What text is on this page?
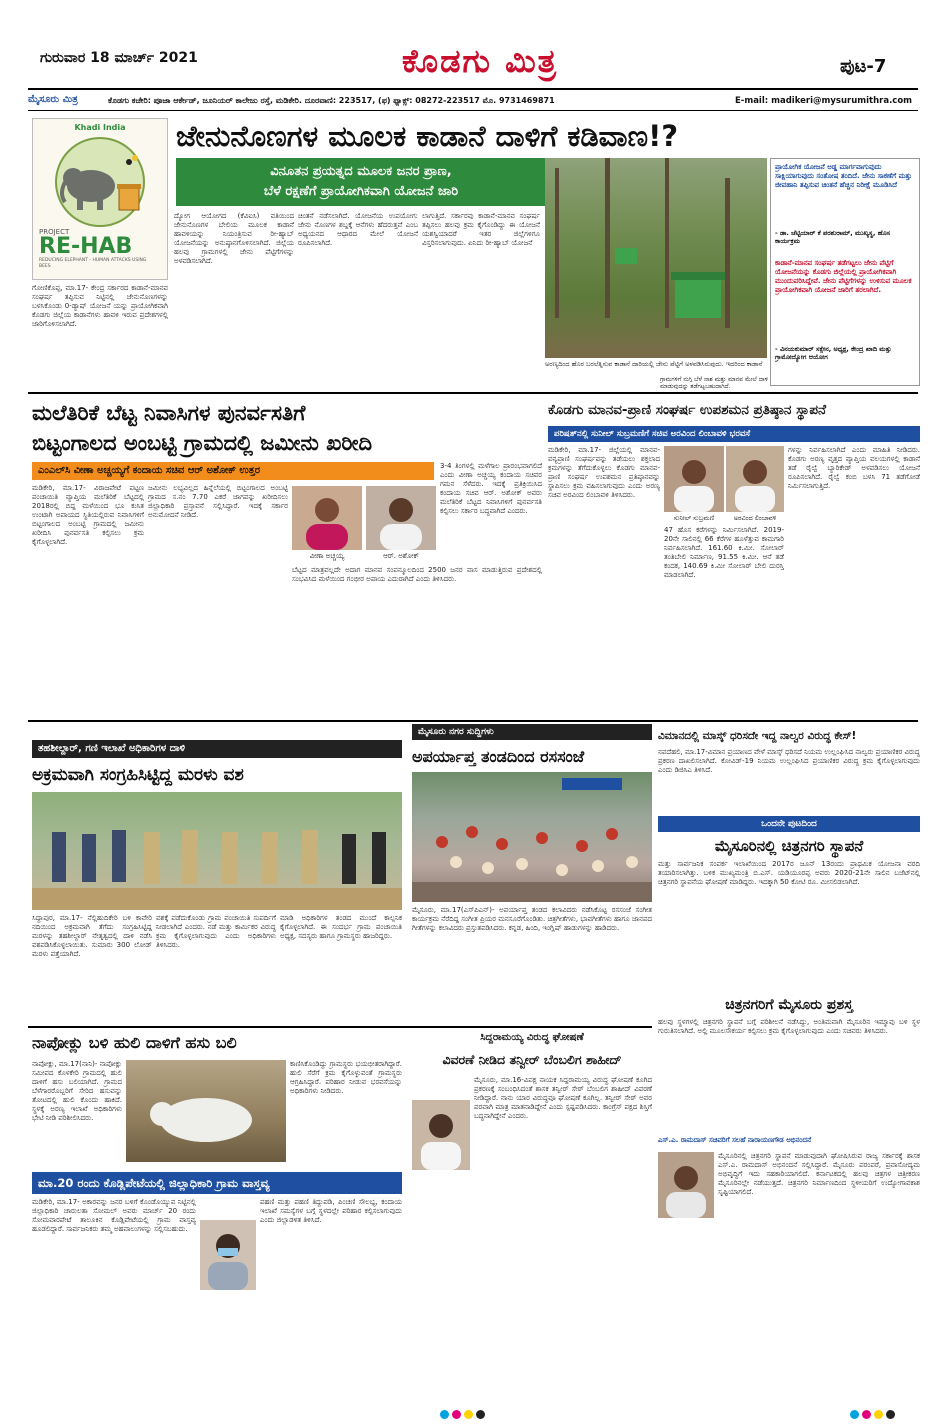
ಗುರುವಾರ 18 ಮಾರ್ಚ್ 2021	ಕೊಡಗು ಮಿತ್ರ	ಪುಟ-7
ಮೈಸೂರು ಮಿತ್ರ	ಕೊಡಗು ಕಚೇರಿ: ಪೂಜಾ ಆರ್ಕೇಡ್, ಜೂನಿಯರ್ ಕಾಲೇಜು ರಸ್ತೆ, ಮಡಿಕೇರಿ. ದೂರವಾಣಿ: 223517, (ಫ) ಫ್ಯಾಕ್ಸ್: 08272-223517 ಮೊ. 9731469871	E-mail: madikeri@mysurumithra.com
Khadi India
PROJECT
RE-HAB
REDUCING ELEPHANT - HUMAN ATTACKS USING BEES
ಜೇನುನೊಣಗಳ ಮೂಲಕ ಕಾಡಾನೆ ದಾಳಿಗೆ ಕಡಿವಾಣ!?
ವಿನೂತನ ಪ್ರಯತ್ನದ ಮೂಲಕ ಜನರ ಪ್ರಾಣ,
ಬೆಳೆ ರಕ್ಷಣೆಗೆ ಪ್ರಾಯೋಗಿಕವಾಗಿ ಯೋಜನೆ ಜಾರಿ
ಗೋಣಿಕೊಪ್ಪ, ಮಾ.17- ಕೇಂದ್ರ ಸರ್ಕಾರದ ಕಾಡಾನೆ-ಮಾನವ ಸಂಘರ್ಷ ತಪ್ಪಿಸುವ ನಿಟ್ಟಿನಲ್ಲಿ ಜೇನುನೊಣಗಳನ್ನು ಬಳಸಿಕೊಂಡು 0-ಡ್ಯಾಷ್ ಯೋಜನೆ ಯನ್ನು ಪ್ರಾಯೋಗಿಕವಾಗಿ ಕೊಡಗು ಜಿಲ್ಲೆಯ ಕಾಡಾನೆಗಳು ಹಾವಳಿ ಇರುವ ಪ್ರದೇಶಗಳಲ್ಲಿ ಜಾರಿಗೊಳಿಸಲಾಗಿದೆ.
ದ್ಯೋಗ ಆಯೋಗದ (ಕೆವಿಐಸಿ) ವತಿಯಿಂದ ಜೇನುನೊಣಗಳ ಬೇಲಿಯ ಮೂಲಕ ಕಾಡಾನೆ ಹಾವಳಿಯನ್ನು ನಿಯಂತ್ರಿಸುವ ರೀ-ಹ್ಯಾಬ್ ಯೋಜನೆಯನ್ನು ಅನುಷ್ಠಾನಗೊಳಿಸಲಾಗಿದೆ. ಜಿಲ್ಲೆಯ ಹಲವು ಗ್ರಾಮಗಳಲ್ಲಿ ಜೇನು ಪೆಟ್ಟಿಗೆಗಳನ್ನು ಅಳವಡಿಸಲಾಗಿದೆ.
ಚಿಂತನೆ ನಡೆಸಲಾಗಿದೆ. ಯೋಜನೆಯ ಉಪಯೋಗ: ಜೇನು ನೊಣಗಳ ಶಬ್ದಕ್ಕೆ ಆನೆಗಳು ಹೆದರುತ್ತವೆ ಎಂಬ ಅಧ್ಯಯನದ ಆಧಾರದ ಮೇಲೆ ಯೋಜನೆ ರೂಪಿಸಲಾಗಿದೆ.
ಲಾಗುತ್ತಿದೆ. ಸರ್ಕಾರವು ಕಾಡಾನೆ-ಮಾನವ ಸಂಘರ್ಷ ತಪ್ಪಿಸಲು ಹಲವು ಕ್ರಮ ಕೈಗೊಂಡಿದ್ದು ಈ ಯೋಜನೆ ಯಶಸ್ವಿಯಾದರೆ ಇತರ ಜಿಲ್ಲೆಗಳಿಗೂ ವಿಸ್ತರಿಸಲಾಗುವುದು. ಏನಿದು ರೀ-ಹ್ಯಾಬ್ ಯೋಜನೆ
ಅರಣ್ಯದಿಂದ ಹೊರ ಬರಲೆತ್ನಿಸುವ ಕಾಡಾನೆ ದಾರಿಯಲ್ಲಿ ಜೇನು ಪೆಟ್ಟಿಗೆ ಅಳವಡಿಸಿರುವುದು. ಇದರಿಂದ ಕಾಡಾನೆ
ಪ್ರಾಯೋಗಿಕ ಯೋಜನೆ ಅಡ್ಡ ಮಾರ್ಗವಾಗುವುದು ಸಾಕ್ಷಿಯಾಗುವುದು ಸಂತೋಷ ತಂದಿದೆ. ಜೇನು ಸಾಕಣೆಗೆ ಮತ್ತು ಜೀವಹಾನಿ ತಪ್ಪಿಸುವ ಚಿಂತನೆ ಹೆಚ್ಚಿನ ನಿರೀಕ್ಷೆ ಮೂಡಿಸಿದೆ
- ಡಾ. ಚೆಟ್ಟಿಯಾರ್ ಕೆ ಪರಶುರಾಮ್, ಮುಖ್ಯಸ್ಥ, ಹೊಸ ಕಾರ್ಯಕ್ರಮ
ಕಾಡಾನೆ-ಮಾನವ ಸಂಘರ್ಷ ತಡೆಗಟ್ಟಲು ಜೇನು ಪೆಟ್ಟಿಗೆ ಯೋಜನೆಯನ್ನು ಕೊಡಗು ಜಿಲ್ಲೆಯಲ್ಲಿ ಪ್ರಾಯೋಗಿಕವಾಗಿ ಮುಂದುವರಿಸಿದ್ದೇವೆ. ಜೇನು ಪೆಟ್ಟಿಗೆಗಳನ್ನು ಉಳಿಸುವ ಮೂಲಕ ಪ್ರಾಯೋಗಿಕವಾಗಿ ಯೋಜನೆ ಜಾರಿಗೆ ತರಲಾಗಿದೆ.
- ವಿನಯಕುಮಾರ್ ಸಕ್ಸೇನ, ಅಧ್ಯಕ್ಷ, ಕೇಂದ್ರ ಖಾದಿ ಮತ್ತು ಗ್ರಾಮೋದ್ಯೋಗ ಆಯೋಗ
ಗ್ರಾಮಗಳಿಗೆ ನುಗ್ಗಿ ಬೆಳೆ ನಾಶ ಮತ್ತು ಮಾನವ ಮೇಲೆ ದಾಳಿ ಮಾಡುವುದನ್ನು ತಡೆಗಟ್ಟಬಹುದಾಗಿದೆ.
ಮಲೆತಿರಿಕೆ ಬೆಟ್ಟ ನಿವಾಸಿಗಳ ಪುನರ್ವಸತಿಗೆ
ಬಿಟ್ಟಂಗಾಲದ ಅಂಬಟ್ಟಿ ಗ್ರಾಮದಲ್ಲಿ ಜಮೀನು ಖರೀದಿ
ಎಂಎಲ್‌ಸಿ ವೀಣಾ ಅಚ್ಚಯ್ಯಗೆ ಕಂದಾಯ ಸಚಿವ ಆರ್ ಅಶೋಕ್ ಉತ್ತರ
ಮಡಿಕೇರಿ, ಮಾ.17- ವಿರಾಜಪೇಟೆ ಪಟ್ಟಣ ಪಂಚಾಯಿತಿ ವ್ಯಾಪ್ತಿಯ ಮಲೆತಿರಿಕೆ ಬೆಟ್ಟದಲ್ಲಿ 2018ರಲ್ಲಿ ಬಿದ್ದ ಮಳೆಯಿಂದ ಭೂ ಕುಸಿತ ಉಂಟಾಗಿ ಅಪಾಯದ ಸ್ಥಿತಿಯಲ್ಲಿರುವ ನಿವಾಸಿಗಳಿಗೆ ಬಿಟ್ಟಂಗಾಲದ ಅಂಬಟ್ಟಿ ಗ್ರಾಮದಲ್ಲಿ ಜಮೀನು ಖರೀದಿಸಿ ಪುನರ್ವಸತಿ ಕಲ್ಪಿಸಲು ಕ್ರಮ ಕೈಗೊಳ್ಳಲಾಗಿದೆ.
ಜಮೀನು ಲಭ್ಯವಿಲ್ಲದ ಹಿನ್ನೆಲೆಯಲ್ಲಿ ಬಿಟ್ಟಂಗಾಲದ ಅಂಬಟ್ಟಿ ಗ್ರಾಮದ ಸ.ನಂ 7.70 ಎಕರೆ ಜಾಗವನ್ನು ಖರೀದಿಸಲು ಜಿಲ್ಲಾಧಿಕಾರಿ ಪ್ರಸ್ತಾವನೆ ಸಲ್ಲಿಸಿದ್ದಾರೆ. ಇದಕ್ಕೆ ಸರ್ಕಾರ ಅನುಮೋದನೆ ನೀಡಿದೆ.
3-4 ತಿಂಗಳಲ್ಲಿ ಮಳೆಗಾಲ ಪ್ರಾರಂಭವಾಗಲಿದೆ ಎಂದು ವೀಣಾ ಅಚ್ಚಯ್ಯ ಕಂದಾಯ ಸಚಿವರ ಗಮನ ಸೆಳೆದರು. ಇದಕ್ಕೆ ಪ್ರತಿಕ್ರಿಯಿಸಿದ ಕಂದಾಯ ಸಚಿವ ಆರ್. ಅಶೋಕ್ ಅವರು ಮಲೆತಿರಿಕೆ ಬೆಟ್ಟದ ನಿವಾಸಿಗಳಿಗೆ ಪುನರ್ವಸತಿ ಕಲ್ಪಿಸಲು ಸರ್ಕಾರ ಬದ್ಧವಾಗಿದೆ ಎಂದರು.
ವೀಣಾ ಅಚ್ಚಯ್ಯ	ಆರ್. ಅಶೋಕ್
ಬೆಟ್ಟದ ಮಾತ್ರವಲ್ಲದೇ ಅದಾಗ ಮಾನವ ಸಂಪನ್ಮೂಲದಿಂದ 2500 ಜನರ ವಾಸ ಮಾಡುತ್ತಿರುವ ಪ್ರದೇಶದಲ್ಲಿ ಸಂಭವಿಸಿದ ಮಳೆಯಿಂದ ಗಂಭೀರ ಅಪಾಯ ಎದುರಾಗಿದೆ ಎಂದು ತಿಳಿಸಿದರು.
ಕೊಡಗು ಮಾನವ-ಪ್ರಾಣಿ ಸಂಘರ್ಷ ಉಪಶಮನ ಪ್ರತಿಷ್ಠಾನ ಸ್ಥಾಪನೆ
ಪರಿಷತ್‌ನಲ್ಲಿ ಸುನೀಲ್ ಸುಬ್ರಮಣಿಗೆ ಸಚಿವ ಅರವಿಂದ ಲಿಂಬಾವಳಿ ಭರವಸೆ
ಮಡಿಕೇರಿ, ಮಾ.17- ಜಿಲ್ಲೆಯಲ್ಲಿ ಮಾನವ-ವನ್ಯಪ್ರಾಣಿ ಸಂಘರ್ಷವನ್ನು ತಡೆಯಲು ಶಕ್ತಲಾದ ಕ್ರಮಗಳನ್ನು ತೆಗೆದುಕೊಳ್ಳಲು ಕೊಡಗು ಮಾನವ-ಪ್ರಾಣಿ ಸಂಘರ್ಷ ಉಪಶಮನ ಪ್ರತಿಷ್ಠಾನವನ್ನು ಸ್ಥಾಪಿಸಲು ಕ್ರಮ ವಹಿಸಲಾಗುವುದು ಎಂದು ಅರಣ್ಯ ಸಚಿವ ಅರವಿಂದ ಲಿಂಬಾವಳಿ ತಿಳಿಸಿದರು.
ಸುನೀಲ್ ಸುಬ್ರಮಣಿ	ಅರವಿಂದ ಲಿಂಬಾವಳಿ
47 ಹೊಸ ಕರೆಗಳನ್ನು ನಿರ್ಮಿಸಲಾಗಿದೆ. 2019-20ನೇ ಸಾಲಿನಲ್ಲಿ 66 ಕೆರೆಗಳ ಹೂಳೆತ್ತುವ ಕಾಮಗಾರಿ ನಿರ್ವಹಿಸಲಾಗಿದೆ. 161.60 ಕಿ.ಮೀ. ಸೋಲಾರ್ ತಂತಿಬೇಲಿ ನಿರ್ಮಾಣ, 91.55 ಕಿ.ಮೀ. ಆನೆ ತಡೆ ಕಂದಕ, 140.69 ಕಿ.ಮೀ ಸೋಲಾರ್ ಬೇಲಿ ದುರಸ್ತಿ ಮಾಡಲಾಗಿದೆ.
ಗಳನ್ನು ನಿರ್ವಹಿಸಲಾಗಿದೆ ಎಂದು ಮಾಹಿತಿ ನೀಡಿದರು. ಕೊಡಗು ಅರಣ್ಯ ವೃತ್ತದ ವ್ಯಾಪ್ತಿಯ ವಲಯಗಳಲ್ಲಿ ಕಾಡಾನೆ ತಡೆ ರೈಲ್ವೆ ಬ್ಯಾರಿಕೇಡ್ ಅಳವಡಿಸಲು ಯೋಜನೆ ರೂಪಿಸಲಾಗಿದೆ. ರೈಲ್ವೆ ಕಂಬಿ ಬಳಸಿ 71 ತಡೆಗೋಡೆ ನಿರ್ಮಿಸಲಾಗುತ್ತಿದೆ.
ತಹಶೀಲ್ದಾರ್, ಗಣಿ ಇಲಾಖೆ ಅಧಿಕಾರಿಗಳ ದಾಳಿ
ಅಕ್ರಮವಾಗಿ ಸಂಗ್ರಹಿಸಿಟ್ಟಿದ್ದ ಮರಳು ವಶ
ಸಿದ್ದಾಪುರ, ಮಾ.17- ನೆಲ್ಲಿಹುದಿಕೇರಿ ಬಳಿ ಕಾವೇರಿ ನದಿಯಿಂದ ಅಕ್ರಮವಾಗಿ ತೆಗೆದು ಸಂಗ್ರಹಿಸಿಟ್ಟಿದ್ದ ಮರಳನ್ನು ತಹಶೀಲ್ದಾರ್ ನೇತೃತ್ವದಲ್ಲಿ ದಾಳಿ ನಡೆಸಿ ವಶಪಡಿಸಿಕೊಳ್ಳಲಾಯಿತು. ಸುಮಾರು 300 ಲೋಡ್ ಮರಳು ಪತ್ತೆಯಾಗಿದೆ.
ವಶಕ್ಕೆ ಪಡೆದುಕೊಂಡು ಗ್ರಾಮ ಪಂಚಾಯಿತಿ ಸುಪರ್ದಿಗೆ ನೀಡಲಾಗಿದೆ ಎಂದರು. ನಡೆ ಮತ್ತು ಕಾರ್ಮಿಕರ ವಿರುದ್ಧ ಕ್ರಮ ಕೈಗೊಳ್ಳಲಾಗುವುದು ಎಂದು ಅಧಿಕಾರಿಗಳು ತಿಳಿಸಿದರು.
ಮಾಡಿ ಅಧಿಕಾರಿಗಳ ತಂಡದ ಮುಂದೆ ಕಾಲ್ಪನಿಕ ಕೈಗೊಳ್ಳಲಾಗಿದೆ. ಈ ಸಂದರ್ಭ ಗ್ರಾಮ ಪಂಚಾಯಿತಿ ಅಧ್ಯಕ್ಷ, ಸದಸ್ಯರು ಹಾಗೂ ಗ್ರಾಮಸ್ಥರು ಹಾಜರಿದ್ದರು.
ಮೈಸೂರು ನಗರ ಸುದ್ದಿಗಳು
ಅಪರ್ಯಾಪ್ತ ತಂಡದಿಂದ ರಸಸಂಜೆ
ಮೈಸೂರು, ಮಾ.17(ಎಸ್‌ಪಿಎನ್)- ಅಪರ್ಯಾಪ್ತ ತಂಡದ ಕಲಾವಿದರು ನಡೆಸಿಕೊಟ್ಟ ರಸಸಂಜೆ ಸಂಗೀತ ಕಾರ್ಯಕ್ರಮ ನೆರೆದಿದ್ದ ಸಂಗೀತ ಪ್ರಿಯರ ಮನಸೂರೆಗೊಂಡಿತು. ಚಿತ್ರಗೀತೆಗಳು, ಭಾವಗೀತೆಗಳು ಹಾಗೂ ಜಾನಪದ ಗೀತೆಗಳನ್ನು ಕಲಾವಿದರು ಪ್ರಸ್ತುತಪಡಿಸಿದರು. ಕನ್ನಡ, ಹಿಂದಿ, ಇಂಗ್ಲಿಷ್ ಹಾಡುಗಳನ್ನು ಹಾಡಿದರು.
ವಿಮಾನದಲ್ಲಿ ಮಾಸ್ಕ್ ಧರಿಸದೇ ಇದ್ದ ನಾಲ್ವರ ವಿರುದ್ಧ ಕೇಸ್!
ನವದೆಹಲಿ, ಮಾ.17-ವಿಮಾನ ಪ್ರಯಾಣದ ವೇಳೆ ಮಾಸ್ಕ್ ಧರಿಸದೆ ನಿಯಮ ಉಲ್ಲಂಘಿಸಿದ ನಾಲ್ವರು ಪ್ರಯಾಣಿಕರ ವಿರುದ್ಧ ಪ್ರಕರಣ ದಾಖಲಿಸಲಾಗಿದೆ. ಕೋವಿಡ್-19 ನಿಯಮ ಉಲ್ಲಂಘಿಸಿದ ಪ್ರಯಾಣಿಕರ ವಿರುದ್ಧ ಕ್ರಮ ಕೈಗೊಳ್ಳಲಾಗುವುದು ಎಂದು ಡಿಜಿಸಿಎ ತಿಳಿಸಿದೆ.
ಒಂದನೇ ಪುಟದಿಂದ
ಮೈಸೂರಿನಲ್ಲಿ ಚಿತ್ರನಗರಿ ಸ್ಥಾಪನೆ
ಮತ್ತು ಸಾರ್ವಜನಿಕ ಸಂಪರ್ಕ ಇಲಾಖೆಯಿಂದ 2017ರ ಜೂನ್ 13ರಂದು ಪ್ರಾಥಮಿಕ ಯೋಜನಾ ವರದಿ ತಯಾರಿಸಲಾಗಿತ್ತು. ಬಳಿಕ ಮುಖ್ಯಮಂತ್ರಿ ಬಿ.ಎಸ್. ಯಡಿಯೂರಪ್ಪ ಅವರು 2020-21ನೇ ಸಾಲಿನ ಬಜೆಟ್‌ನಲ್ಲಿ ಚಿತ್ರನಗರಿ ಸ್ಥಾಪನೆಯ ಘೋಷಣೆ ಮಾಡಿದ್ದರು. ಇದಕ್ಕಾಗಿ 50 ಕೋಟಿ ರೂ. ಮೀಸಲಿಡಲಾಗಿದೆ.
ಚಿತ್ರನಗರಿಗೆ ಮೈಸೂರು ಪ್ರಶಸ್ತ
ಹಲವು ಸ್ಥಳಗಳಲ್ಲಿ ಚಿತ್ರನಗರಿ ಸ್ಥಾಪನೆ ಬಗ್ಗೆ ಪರಿಶೀಲನೆ ನಡೆಸಿದ್ದು, ಅಂತಿಮವಾಗಿ ಮೈಸೂರಿನ ಇಮ್ಮಾವು ಬಳಿ ಸ್ಥಳ ಗುರುತಿಸಲಾಗಿದೆ. ಅಲ್ಲಿ ಮೂಲಸೌಕರ್ಯ ಕಲ್ಪಿಸಲು ಕ್ರಮ ಕೈಗೊಳ್ಳಲಾಗುವುದು ಎಂದು ಸಚಿವರು ತಿಳಿಸಿದರು.
ಎಸ್.ಎ. ರಾಮದಾಸ್ ಸಚಿವರಿಗೆ ಸಲಹೆ ನಾರಾಯಣಗೌಡ ಅಭಿನಂದನೆ
ಮೈಸೂರಿನಲ್ಲಿ ಚಿತ್ರನಗರಿ ಸ್ಥಾಪನೆ ಮಾಡುವುದಾಗಿ ಘೋಷಿಸಿರುವ ರಾಜ್ಯ ಸರ್ಕಾರಕ್ಕೆ ಶಾಸಕ ಎಸ್.ಎ. ರಾಮದಾಸ್ ಅಭಿನಂದನೆ ಸಲ್ಲಿಸಿದ್ದಾರೆ. ಮೈಸೂರು ಪರಂಪರೆ, ಪ್ರವಾಸೋದ್ಯಮ ಅಭಿವೃದ್ಧಿಗೆ ಇದು ಸಹಕಾರಿಯಾಗಲಿದೆ. ಕರ್ನಾಟಕದಲ್ಲಿ ಹಲವು ಚಿತ್ರಗಳ ಚಿತ್ರೀಕರಣ ಮೈಸೂರಿನಲ್ಲೇ ನಡೆಯುತ್ತದೆ. ಚಿತ್ರನಗರಿ ನಿರ್ಮಾಣದಿಂದ ಸ್ಥಳೀಯರಿಗೆ ಉದ್ಯೋಗಾವಕಾಶ ಸೃಷ್ಟಿಯಾಗಲಿದೆ.
ನಾಪೋಕ್ಲು ಬಳಿ ಹುಲಿ ದಾಳಿಗೆ ಹಸು ಬಲಿ
ನಾಪೋಕ್ಲು, ಮಾ.17(ನಾನಿ)- ನಾಪೋಕ್ಲು ಸಮೀಪದ ಕೊಳಕೇರಿ ಗ್ರಾಮದಲ್ಲಿ ಹುಲಿ ದಾಳಿಗೆ ಹಸು ಬಲಿಯಾಗಿದೆ. ಗ್ರಾಮದ ಬೆಳೆಗಾರರೊಬ್ಬರಿಗೆ ಸೇರಿದ ಹಸುವನ್ನು ತೋಟದಲ್ಲಿ ಹುಲಿ ಕೊಂದು ಹಾಕಿದೆ. ಸ್ಥಳಕ್ಕೆ ಅರಣ್ಯ ಇಲಾಖೆ ಅಧಿಕಾರಿಗಳು ಭೇಟಿ ನೀಡಿ ಪರಿಶೀಲಿಸಿದರು.
ಕಾಣಿಸಿಕೊಂಡಿದ್ದು ಗ್ರಾಮಸ್ಥರು ಭಯಭೀತರಾಗಿದ್ದಾರೆ. ಹುಲಿ ಸೆರೆಗೆ ಕ್ರಮ ಕೈಗೊಳ್ಳುವಂತೆ ಗ್ರಾಮಸ್ಥರು ಆಗ್ರಹಿಸಿದ್ದಾರೆ. ಪರಿಹಾರ ನೀಡುವ ಭರವಸೆಯನ್ನು ಅಧಿಕಾರಿಗಳು ನೀಡಿದರು.
ಮಾ.20 ರಂದು ಕೊಡ್ಲಿಪೇಟೆಯಲ್ಲಿ ಜಿಲ್ಲಾಧಿಕಾರಿ ಗ್ರಾಮ ವಾಸ್ತವ್ಯ
ಮಡಿಕೇರಿ, ಮಾ.17- ಅಕಾರವನ್ನು ಜನರ ಬಳಿಗೆ ಕೊಂಡೊಯ್ಯುವ ನಿಟ್ಟಿನಲ್ಲಿ ಜಿಲ್ಲಾಧಿಕಾರಿ ಚಾರುಲತಾ ಸೋಮಲ್ ಅವರು ಮಾರ್ಚ್ 20 ರಂದು ಸೋಮವಾರಪೇಟೆ ತಾಲೂಕಿನ ಕೊಡ್ಲಿಪೇಟೆಯಲ್ಲಿ ಗ್ರಾಮ ವಾಸ್ತವ್ಯ ಹೂಡಲಿದ್ದಾರೆ. ಸಾರ್ವಜನಿಕರು ತಮ್ಮ ಅಹವಾಲುಗಳನ್ನು ಸಲ್ಲಿಸಬಹುದು.
ಪಹಣಿ ಮತ್ತು ಪಹಣಿ ತಿದ್ದುಪಡಿ, ಪಿಂಚಣಿ ಸೌಲಭ್ಯ, ಕಂದಾಯ ಇಲಾಖೆ ಸಮಸ್ಯೆಗಳ ಬಗ್ಗೆ ಸ್ಥಳದಲ್ಲೇ ಪರಿಹಾರ ಕಲ್ಪಿಸಲಾಗುವುದು ಎಂದು ಜಿಲ್ಲಾಡಳಿತ ತಿಳಿಸಿದೆ.
ಸಿದ್ದರಾಮಯ್ಯ ವಿರುದ್ಧ ಘೋಷಣೆ
ವಿವರಣೆ ನೀಡಿದ ತನ್ವೀರ್ ಬೆಂಬಲಿಗ ಶಾಹೀದ್
ಮೈಸೂರು, ಮಾ.16-ವಿಪಕ್ಷ ನಾಯಕ ಸಿದ್ದರಾಮಯ್ಯ ವಿರುದ್ಧ ಘೋಷಣೆ ಕೂಗಿದ ಪ್ರಕರಣಕ್ಕೆ ಸಂಬಂಧಿಸಿದಂತೆ ಶಾಸಕ ತನ್ವೀರ್ ಸೇಠ್ ಬೆಂಬಲಿಗ ಶಾಹೀದ್ ವಿವರಣೆ ನೀಡಿದ್ದಾರೆ. ನಾನು ಯಾರ ವಿರುದ್ಧವೂ ಘೋಷಣೆ ಕೂಗಿಲ್ಲ. ತನ್ವೀರ್ ಸೇಠ್ ಅವರ ಪರವಾಗಿ ಮಾತ್ರ ಮಾತನಾಡಿದ್ದೇನೆ ಎಂದು ಸ್ಪಷ್ಟಪಡಿಸಿದರು. ಕಾಂಗ್ರೆಸ್ ಪಕ್ಷದ ಶಿಸ್ತಿಗೆ ಬದ್ಧನಾಗಿದ್ದೇನೆ ಎಂದರು.
